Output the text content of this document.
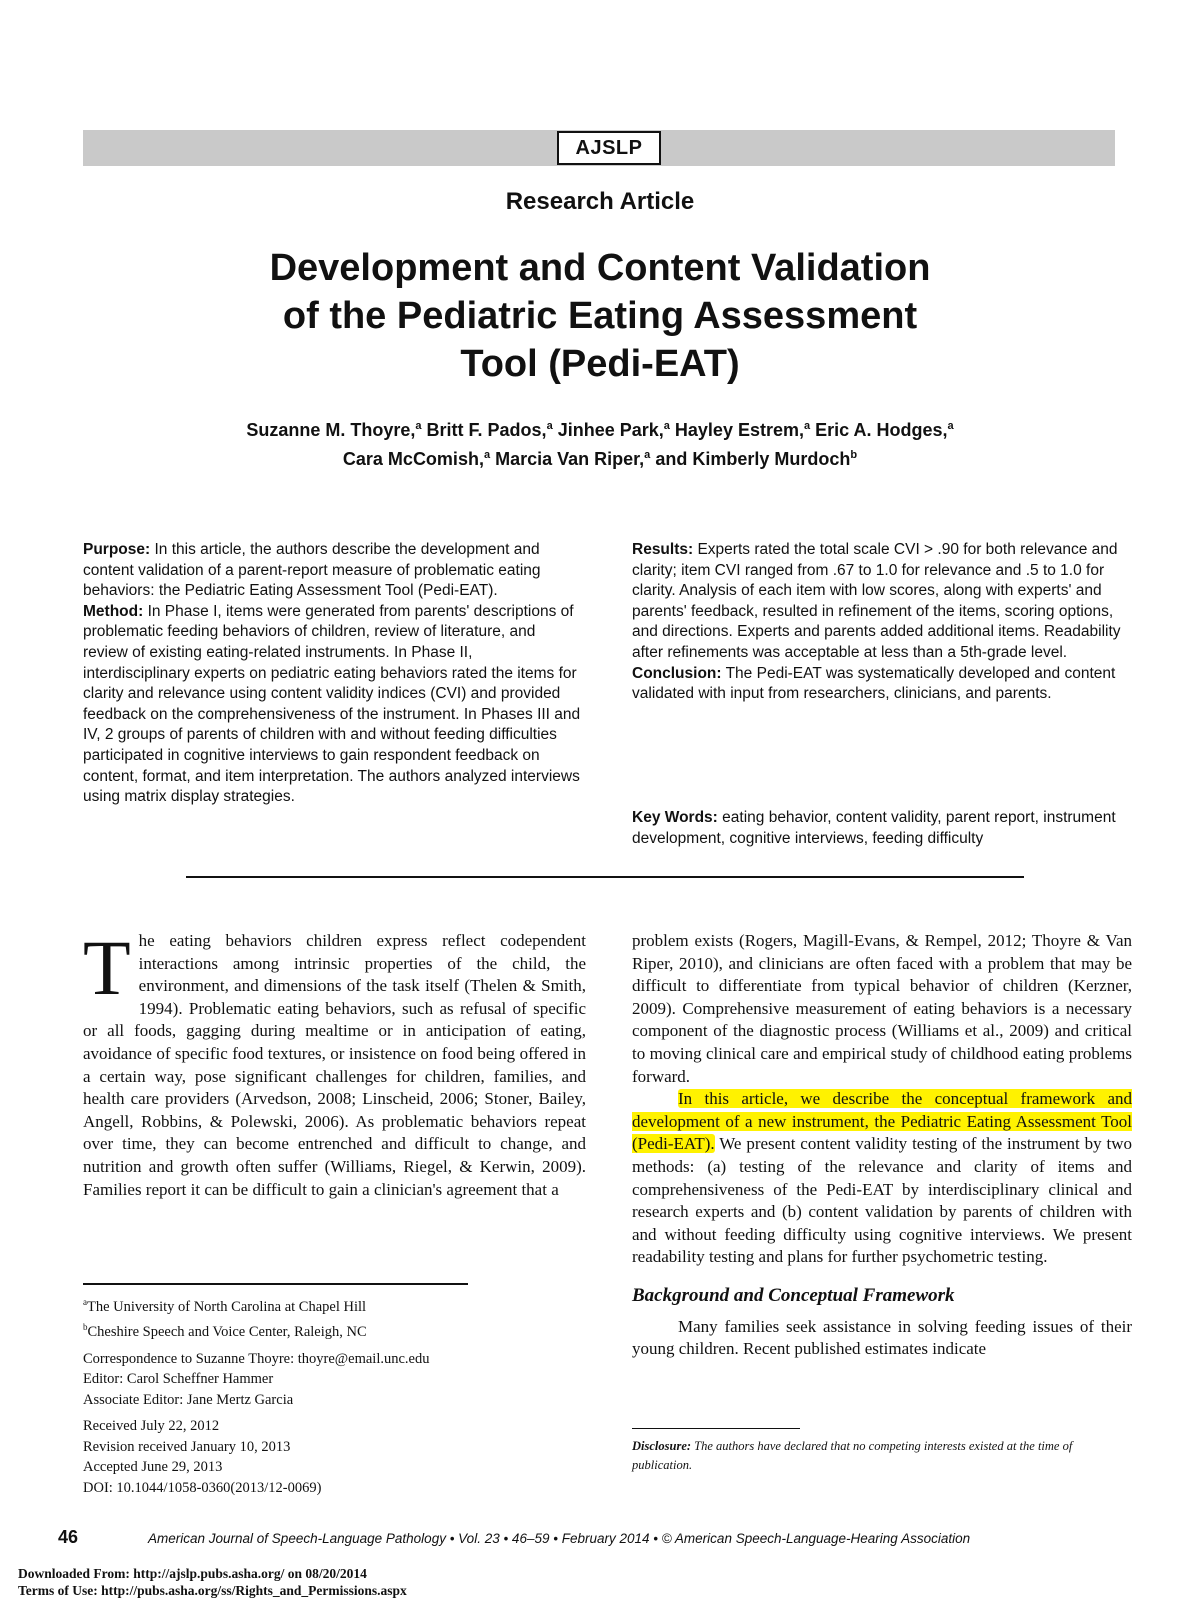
AJSLP
Research Article
Development and Content Validation
of the Pediatric Eating Assessment
Tool (Pedi-EAT)
Suzanne M. Thoyre,$^a$ Britt F. Pados,$^a$ Jinhee Park,$^a$ Hayley Estrem,$^a$ Eric A. Hodges,$^a$
Cara McComish,$^a$ Marcia Van Riper,$^a$ and Kimberly Murdoch$^b$
Purpose: In this article, the authors describe the development and content validation of a parent-report measure of problematic eating behaviors: the Pediatric Eating Assessment Tool (Pedi-EAT).
Method: In Phase I, items were generated from parents' descriptions of problematic feeding behaviors of children, review of literature, and review of existing eating-related instruments. In Phase II, interdisciplinary experts on pediatric eating behaviors rated the items for clarity and relevance using content validity indices (CVI) and provided feedback on the comprehensiveness of the instrument. In Phases III and IV, 2 groups of parents of children with and without feeding difficulties participated in cognitive interviews to gain respondent feedback on content, format, and item interpretation. The authors analyzed interviews using matrix display strategies.
Results: Experts rated the total scale CVI > .90 for both relevance and clarity; item CVI ranged from .67 to 1.0 for relevance and .5 to 1.0 for clarity. Analysis of each item with low scores, along with experts' and parents' feedback, resulted in refinement of the items, scoring options, and directions. Experts and parents added additional items. Readability after refinements was acceptable at less than a 5th-grade level.
Conclusion: The Pedi-EAT was systematically developed and content validated with input from researchers, clinicians, and parents.
Key Words: eating behavior, content validity, parent report, instrument development, cognitive interviews, feeding difficulty
The eating behaviors children express reflect codependent interactions among intrinsic properties of the child, the environment, and dimensions of the task itself (Thelen & Smith, 1994). Problematic eating behaviors, such as refusal of specific or all foods, gagging during mealtime or in anticipation of eating, avoidance of specific food textures, or insistence on food being offered in a certain way, pose significant challenges for children, families, and health care providers (Arvedson, 2008; Linscheid, 2006; Stoner, Bailey, Angell, Robbins, & Polewski, 2006). As problematic behaviors repeat over time, they can become entrenched and difficult to change, and nutrition and growth often suffer (Williams, Riegel, & Kerwin, 2009). Families report it can be difficult to gain a clinician's agreement that a
problem exists (Rogers, Magill-Evans, & Rempel, 2012; Thoyre & Van Riper, 2010), and clinicians are often faced with a problem that may be difficult to differentiate from typical behavior of children (Kerzner, 2009). Comprehensive measurement of eating behaviors is a necessary component of the diagnostic process (Williams et al., 2009) and critical to moving clinical care and empirical study of childhood eating problems forward.
In this article, we describe the conceptual framework and development of a new instrument, the Pediatric Eating Assessment Tool (Pedi-EAT). We present content validity testing of the instrument by two methods: (a) testing of the relevance and clarity of items and comprehensiveness of the Pedi-EAT by interdisciplinary clinical and research experts and (b) content validation by parents of children with and without feeding difficulty using cognitive interviews. We present readability testing and plans for further psychometric testing.
Background and Conceptual Framework
Many families seek assistance in solving feeding issues of their young children. Recent published estimates indicate

$^a$The University of North Carolina at Chapel Hill

$^b$Cheshire Speech and Voice Center, Raleigh, NC

Correspondence to Suzanne Thoyre: thoyre@email.unc.edu

Editor: Carol Scheffner Hammer

Associate Editor: Jane Mertz Garcia

Received July 22, 2012

Revision received January 10, 2013

Accepted June 29, 2013

DOI: 10.1044/1058-0360(2013/12-0069)

Disclosure: The authors have declared that no competing interests existed at the time of publication.
46	American Journal of Speech-Language Pathology • Vol. 23 • 46–59 • February 2014 • © American Speech-Language-Hearing Association
Downloaded From: http://ajslp.pubs.asha.org/ on 08/20/2014
Terms of Use: http://pubs.asha.org/ss/Rights_and_Permissions.aspx
